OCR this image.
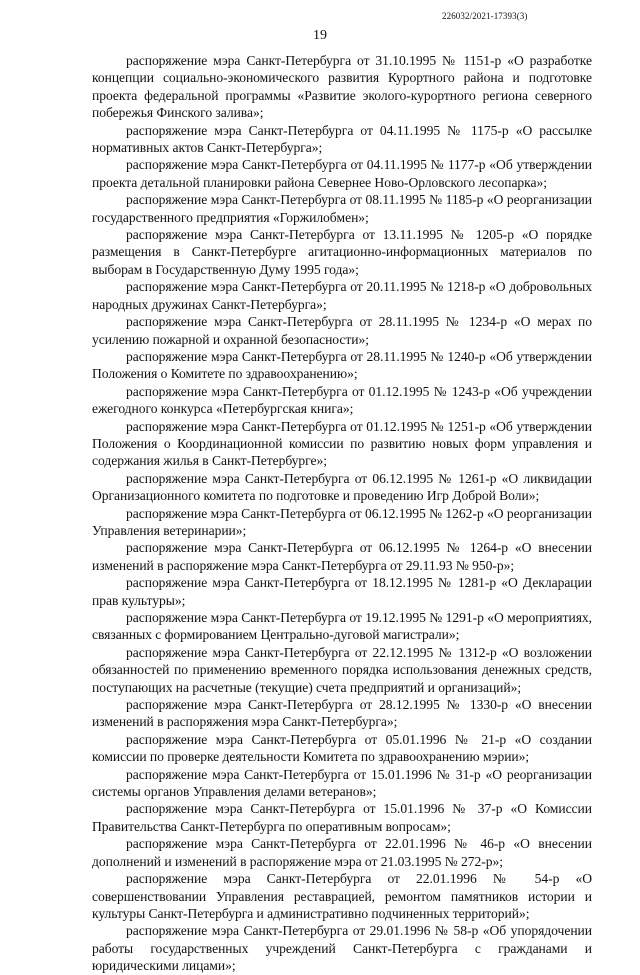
226032/2021-17393(3)
19

распоряжение мэра Санкт-Петербурга от 31.10.1995 № 1151-р «О разработке концепции социально-экономического развития Курортного района и подготовке проекта федеральной программы «Развитие эколого-курортного региона северного побережья Финского залива»;

распоряжение мэра Санкт-Петербурга от 04.11.1995 № 1175-р «О рассылке нормативных актов Санкт-Петербурга»;

распоряжение мэра Санкт-Петербурга от 04.11.1995 № 1177-р «Об утверждении проекта детальной планировки района Севернее Ново-Орловского лесопарка»;

распоряжение мэра Санкт-Петербурга от 08.11.1995 № 1185-р «О реорганизации государственного предприятия «Горжилобмен»;

распоряжение мэра Санкт-Петербурга от 13.11.1995 № 1205-р «О порядке размещения в Санкт-Петербурге агитационно-информационных материалов по выборам в Государственную Думу 1995 года»;

распоряжение мэра Санкт-Петербурга от 20.11.1995 № 1218-р «О добровольных народных дружинах Санкт-Петербурга»;

распоряжение мэра Санкт-Петербурга от 28.11.1995 № 1234-р «О мерах по усилению пожарной и охранной безопасности»;

распоряжение мэра Санкт-Петербурга от 28.11.1995 № 1240-р «Об утверждении Положения о Комитете по здравоохранению»;

распоряжение мэра Санкт-Петербурга от 01.12.1995 № 1243-р «Об учреждении ежегодного конкурса «Петербургская книга»;

распоряжение мэра Санкт-Петербурга от 01.12.1995 № 1251-р «Об утверждении Положения о Координационной комиссии по развитию новых форм управления и содержания жилья в Санкт-Петербурге»;

распоряжение мэра Санкт-Петербурга от 06.12.1995 № 1261-р «О ликвидации Организационного комитета по подготовке и проведению Игр Доброй Воли»;

распоряжение мэра Санкт-Петербурга от 06.12.1995 № 1262-р «О реорганизации Управления ветеринарии»;

распоряжение мэра Санкт-Петербурга от 06.12.1995 № 1264-р «О внесении изменений в распоряжение мэра Санкт-Петербурга от 29.11.93 № 950-р»;

распоряжение мэра Санкт-Петербурга от 18.12.1995 № 1281-р «О Декларации прав культуры»;

распоряжение мэра Санкт-Петербурга от 19.12.1995 № 1291-р «О мероприятиях, связанных с формированием Центрально-дуговой магистрали»;

распоряжение мэра Санкт-Петербурга от 22.12.1995 № 1312-р «О возложении обязанностей по применению временного порядка использования денежных средств, поступающих на расчетные (текущие) счета предприятий и организаций»;

распоряжение мэра Санкт-Петербурга от 28.12.1995 № 1330-р «О внесении изменений в распоряжения мэра Санкт-Петербурга»;

распоряжение мэра Санкт-Петербурга от 05.01.1996 № 21-р «О создании комиссии по проверке деятельности Комитета по здравоохранению мэрии»;

распоряжение мэра Санкт-Петербурга от 15.01.1996 № 31-р «О реорганизации системы органов Управления делами ветеранов»;

распоряжение мэра Санкт-Петербурга от 15.01.1996 № 37-р «О Комиссии Правительства Санкт-Петербурга по оперативным вопросам»;

распоряжение мэра Санкт-Петербурга от 22.01.1996 № 46-р «О внесении дополнений и изменений в распоряжение мэра от 21.03.1995 № 272-р»;

распоряжение мэра Санкт-Петербурга от 22.01.1996 № 54-р «О совершенствовании Управления реставрацией, ремонтом памятников истории и культуры Санкт-Петербурга и административно подчиненных территорий»;

распоряжение мэра Санкт-Петербурга от 29.01.1996 № 58-р «Об упорядочении работы государственных учреждений Санкт-Петербурга с гражданами и юридическими лицами»;
